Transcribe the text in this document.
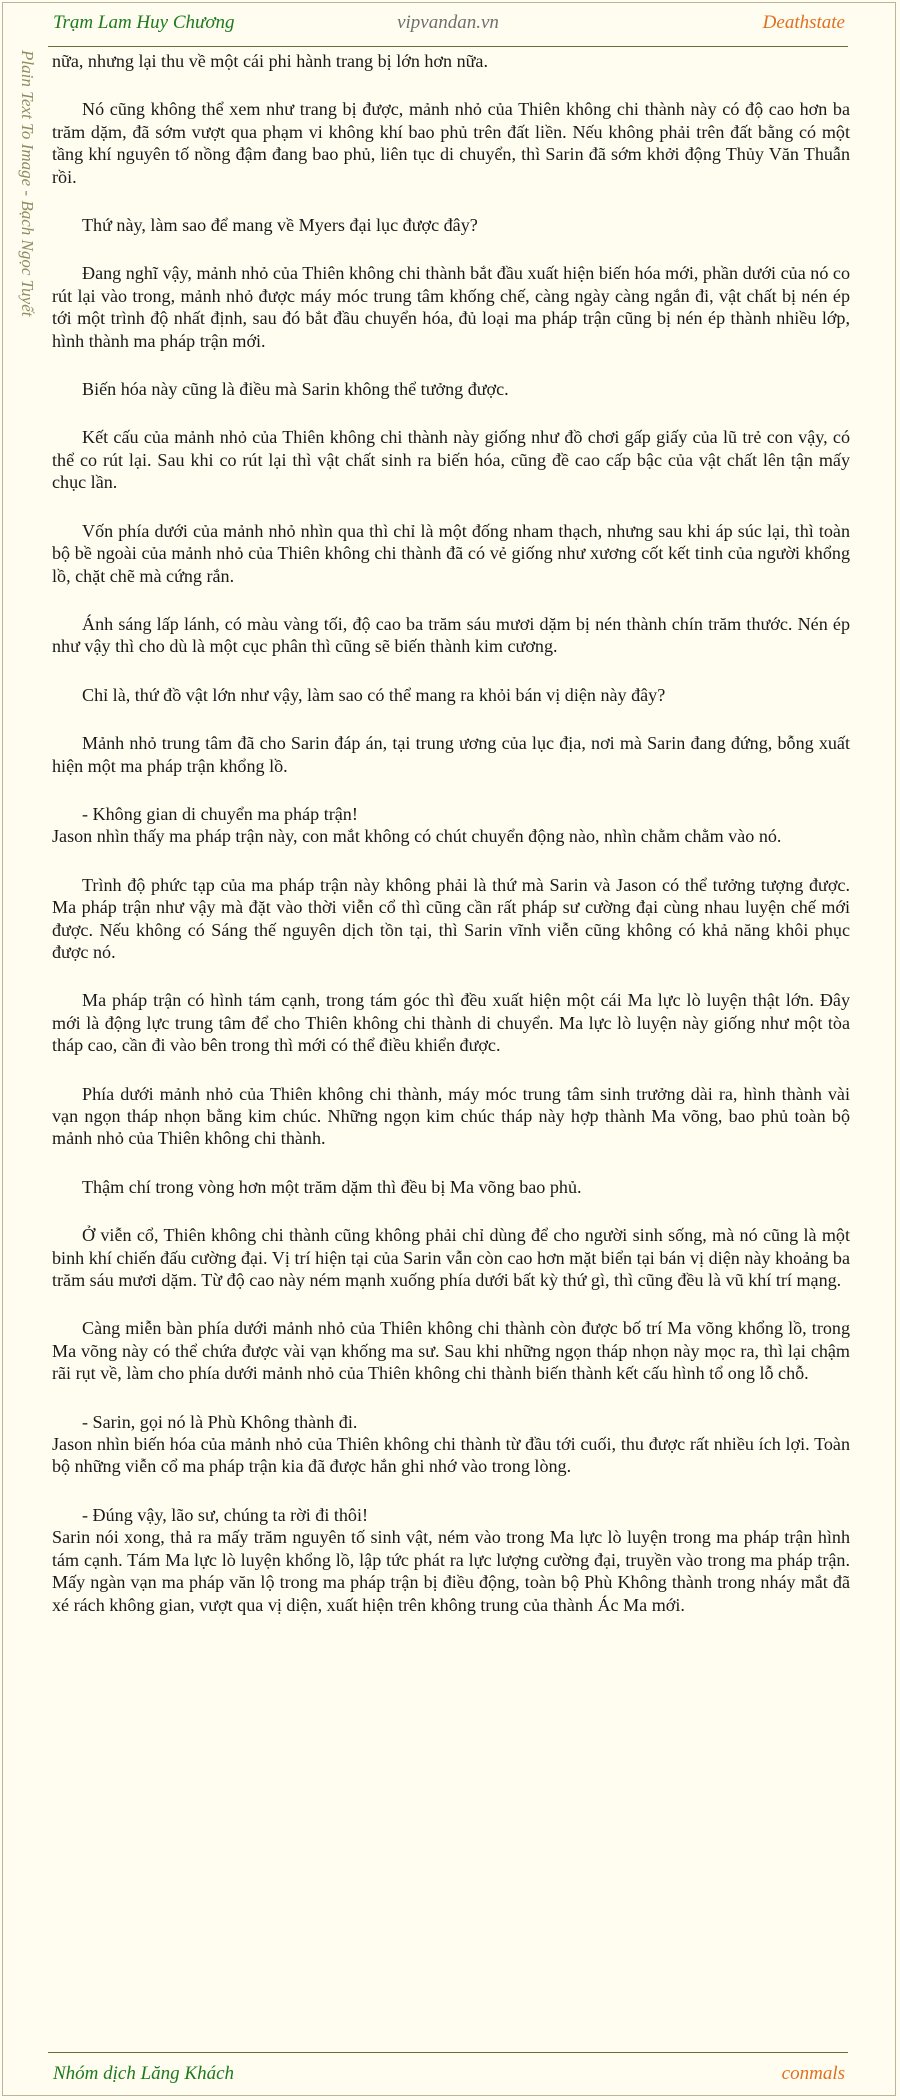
Trạm Lam Huy Chương	vipvandan.vn	Deathstate
Plain Text To Image - Bạch Ngọc Tuyết nữa, nhưng lại thu về một cái phi hành trang bị lớn hơn nữa.

Nó cũng không thể xem như trang bị được, mảnh nhỏ của Thiên không chi thành này có độ cao hơn ba trăm dặm, đã sớm vượt qua phạm vi không khí bao phủ trên đất liền. Nếu không phải trên đất bằng có một tầng khí nguyên tố nồng đậm đang bao phủ, liên tục di chuyển, thì Sarin đã sớm khởi động Thủy Văn Thuẫn rồi.

Thứ này, làm sao để mang về Myers đại lục được đây?

Đang nghĩ vậy, mảnh nhỏ của Thiên không chi thành bắt đầu xuất hiện biến hóa mới, phần dưới của nó co rút lại vào trong, mảnh nhỏ được máy móc trung tâm khống chế, càng ngày càng ngắn đi, vật chất bị nén ép tới một trình độ nhất định, sau đó bắt đầu chuyển hóa, đủ loại ma pháp trận cũng bị nén ép thành nhiều lớp, hình thành ma pháp trận mới.

Biến hóa này cũng là điều mà Sarin không thể tưởng được.

Kết cấu của mảnh nhỏ của Thiên không chi thành này giống như đồ chơi gấp giấy của lũ trẻ con vậy, có thể co rút lại. Sau khi co rút lại thì vật chất sinh ra biến hóa, cũng đề cao cấp bậc của vật chất lên tận mấy chục lần.

Vốn phía dưới của mảnh nhỏ nhìn qua thì chỉ là một đống nham thạch, nhưng sau khi áp súc lại, thì toàn bộ bề ngoài của mảnh nhỏ của Thiên không chi thành đã có vẻ giống như xương cốt kết tinh của người khổng lồ, chặt chẽ mà cứng rắn.

Ánh sáng lấp lánh, có màu vàng tối, độ cao ba trăm sáu mươi dặm bị nén thành chín trăm thước. Nén ép như vậy thì cho dù là một cục phân thì cũng sẽ biến thành kim cương.

Chỉ là, thứ đồ vật lớn như vậy, làm sao có thể mang ra khỏi bán vị diện này đây?

Mảnh nhỏ trung tâm đã cho Sarin đáp án, tại trung ương của lục địa, nơi mà Sarin đang đứng, bỗng xuất hiện một ma pháp trận khổng lồ.

- Không gian di chuyển ma pháp trận!

Jason nhìn thấy ma pháp trận này, con mắt không có chút chuyển động nào, nhìn chằm chằm vào nó.

Trình độ phức tạp của ma pháp trận này không phải là thứ mà Sarin và Jason có thể tưởng tượng được. Ma pháp trận như vậy mà đặt vào thời viễn cổ thì cũng cần rất pháp sư cường đại cùng nhau luyện chế mới được. Nếu không có Sáng thế nguyên dịch tồn tại, thì Sarin vĩnh viễn cũng không có khả năng khôi phục được nó.

Ma pháp trận có hình tám cạnh, trong tám góc thì đều xuất hiện một cái Ma lực lò luyện thật lớn. Đây mới là động lực trung tâm để cho Thiên không chi thành di chuyển. Ma lực lò luyện này giống như một tòa tháp cao, cần đi vào bên trong thì mới có thể điều khiển được.

Phía dưới mảnh nhỏ của Thiên không chi thành, máy móc trung tâm sinh trưởng dài ra, hình thành vài vạn ngọn tháp nhọn bằng kim chúc. Những ngọn kim chúc tháp này hợp thành Ma võng, bao phủ toàn bộ mảnh nhỏ của Thiên không chi thành.

Thậm chí trong vòng hơn một trăm dặm thì đều bị Ma võng bao phủ.

Ở viễn cổ, Thiên không chi thành cũng không phải chỉ dùng để cho người sinh sống, mà nó cũng là một binh khí chiến đấu cường đại. Vị trí hiện tại của Sarin vẫn còn cao hơn mặt biển tại bán vị diện này khoảng ba trăm sáu mươi dặm. Từ độ cao này ném mạnh xuống phía dưới bất kỳ thứ gì, thì cũng đều là vũ khí trí mạng.

Càng miễn bàn phía dưới mảnh nhỏ của Thiên không chi thành còn được bố trí Ma võng khổng lồ, trong Ma võng này có thể chứa được vài vạn khống ma sư. Sau khi những ngọn tháp nhọn này mọc ra, thì lại chậm rãi rụt về, làm cho phía dưới mảnh nhỏ của Thiên không chi thành biến thành kết cấu hình tổ ong lỗ chỗ.

- Sarin, gọi nó là Phù Không thành đi.

Jason nhìn biến hóa của mảnh nhỏ của Thiên không chi thành từ đầu tới cuối, thu được rất nhiều ích lợi. Toàn bộ những viễn cổ ma pháp trận kia đã được hắn ghi nhớ vào trong lòng.

- Đúng vậy, lão sư, chúng ta rời đi thôi!

Sarin nói xong, thả ra mấy trăm nguyên tố sinh vật, ném vào trong Ma lực lò luyện trong ma pháp trận hình tám cạnh. Tám Ma lực lò luyện khổng lồ, lập tức phát ra lực lượng cường đại, truyền vào trong ma pháp trận. Mấy ngàn vạn ma pháp văn lộ trong ma pháp trận bị điều động, toàn bộ Phù Không thành trong nháy mắt đã xé rách không gian, vượt qua vị diện, xuất hiện trên không trung của thành Ác Ma mới.

Nhóm dịch Lăng Khách	conmals
